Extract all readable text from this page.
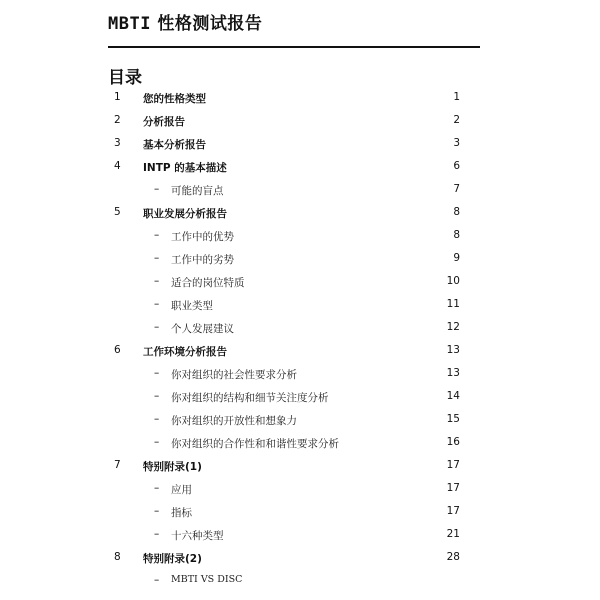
MBTI 性格测试报告
目录
1 您的性格类型	1
2 分析报告	2
3 基本分析报告	3
4 INTP 的基本描述	6
– 可能的盲点	7
5 职业发展分析报告	8
– 工作中的优势	8
– 工作中的劣势	9
– 适合的岗位特质	10
– 职业类型	11
– 个人发展建议	12
6 工作环境分析报告	13
– 你对组织的社会性要求分析	13
– 你对组织的结构和细节关注度分析	14
– 你对组织的开放性和想象力	15
– 你对组织的合作性和和谐性要求分析	16
7 特别附录(1)	17
– 应用	17
– 指标	17
– 十六种类型	21
8 特别附录(2)	28
– MBTI VS DISC
